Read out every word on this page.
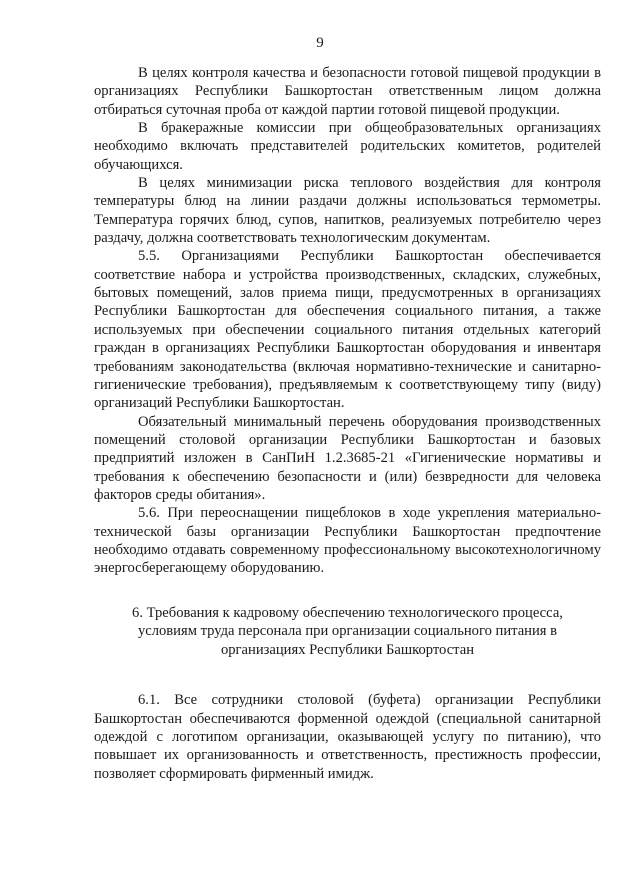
9

В целях контроля качества и безопасности готовой пищевой продукции в организациях Республики Башкортостан ответственным лицом должна отбираться суточная проба от каждой партии готовой пищевой продукции.

В бракеражные комиссии при общеобразовательных организациях необходимо включать представителей родительских комитетов, родителей обучающихся.

В целях минимизации риска теплового воздействия для контроля температуры блюд на линии раздачи должны использоваться термометры. Температура горячих блюд, супов, напитков, реализуемых потребителю через раздачу, должна соответствовать технологическим документам.

5.5. Организациями Республики Башкортостан обеспечивается соответствие набора и устройства производственных, складских, служебных, бытовых помещений, залов приема пищи, предусмотренных в организациях Республики Башкортостан для обеспечения социального питания, а также используемых при обеспечении социального питания отдельных категорий граждан в организациях Республики Башкортостан оборудования и инвентаря требованиям законодательства (включая нормативно-технические и санитарно-гигиенические требования), предъявляемым к соответствующему типу (виду) организаций Республики Башкортостан.

Обязательный минимальный перечень оборудования производственных помещений столовой организации Республики Башкортостан и базовых предприятий изложен в СанПиН 1.2.3685-21 «Гигиенические нормативы и требования к обеспечению безопасности и (или) безвредности для человека факторов среды обитания».

5.6. При переоснащении пищеблоков в ходе укрепления материально-технической базы организации Республики Башкортостан предпочтение необходимо отдавать современному профессиональному высокотехнологичному энергосберегающему оборудованию.

6. Требования к кадровому обеспечению технологического процесса,
условиям труда персонала при организации социального питания в
организациях Республики Башкортостан

6.1. Все сотрудники столовой (буфета) организации Республики Башкортостан обеспечиваются форменной одеждой (специальной санитарной одеждой с логотипом организации, оказывающей услугу по питанию), что повышает их организованность и ответственность, престижность профессии, позволяет сформировать фирменный имидж.
